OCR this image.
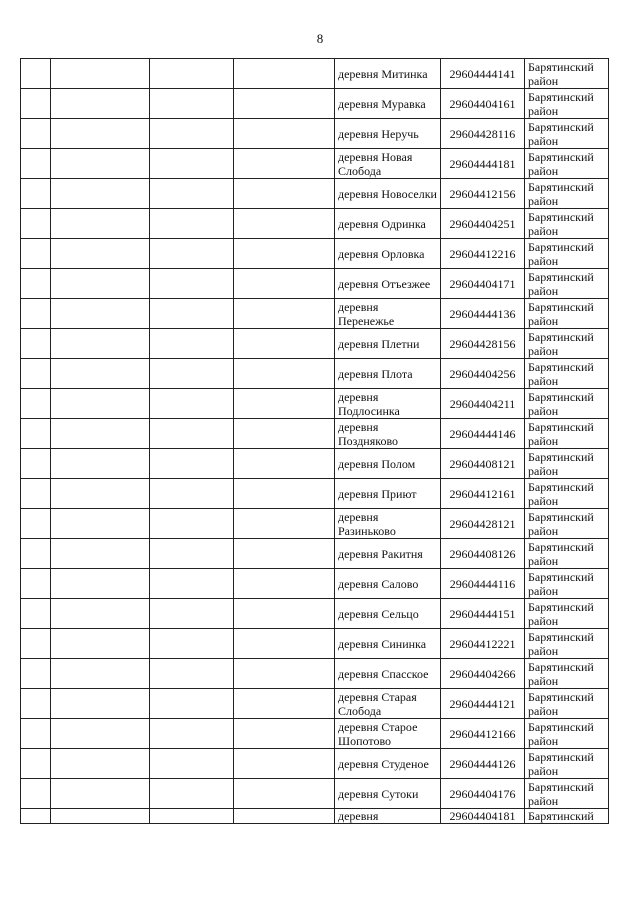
8
				деревня Митинка	29604444141	Барятинский район
				деревня Муравка	29604404161	Барятинский район
				деревня Неручь	29604428116	Барятинский район
				деревня Новая Слобода	29604444181	Барятинский район
				деревня Новоселки	29604412156	Барятинский район
				деревня Одринка	29604404251	Барятинский район
				деревня Орловка	29604412216	Барятинский район
				деревня Отъезжее	29604404171	Барятинский район
				деревня Перенежье	29604444136	Барятинский район
				деревня Плетни	29604428156	Барятинский район
				деревня Плота	29604404256	Барятинский район
				деревня Подлосинка	29604404211	Барятинский район
				деревня Поздняково	29604444146	Барятинский район
				деревня Полом	29604408121	Барятинский район
				деревня Приют	29604412161	Барятинский район
				деревня Разиньково	29604428121	Барятинский район
				деревня Ракитня	29604408126	Барятинский район
				деревня Салово	29604444116	Барятинский район
				деревня Сельцо	29604444151	Барятинский район
				деревня Сининка	29604412221	Барятинский район
				деревня Спасское	29604404266	Барятинский район
				деревня Старая Слобода	29604444121	Барятинский район
				деревня Старое Шопотово	29604412166	Барятинский район
				деревня Студеное	29604444126	Барятинский район
				деревня Сутоки	29604404176	Барятинский район
				деревня	29604404181	Барятинский
